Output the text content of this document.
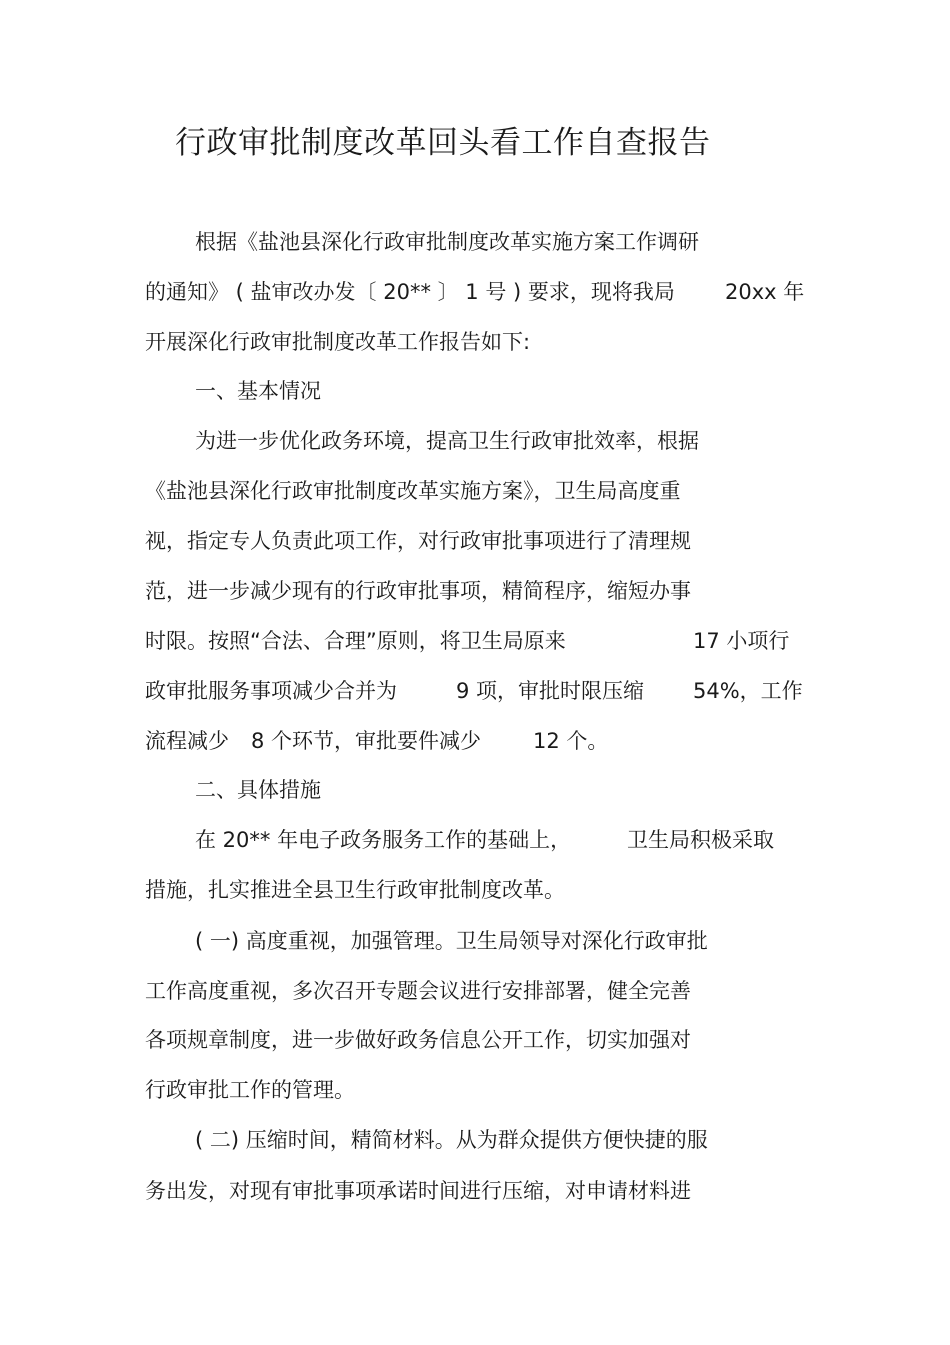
行政审批制度改革回头看工作自查报告
根据《盐池县深化行政审批制度改革实施方案工作调研
的通知》 ( 盐审改办发〔 20** 〕 1 号 ) 要求，现将我局 20xx 年
开展深化行政审批制度改革工作报告如下:
一、基本情况
为进一步优化政务环境，提高卫生行政审批效率，根据
《盐池县深化行政审批制度改革实施方案》，卫生局高度重
视，指定专人负责此项工作，对行政审批事项进行了清理规
范，进一步减少现有的行政审批事项，精简程序，缩短办事
时限。按照“合法、合理”原则，将卫生局原来	17 小项行
政审批服务事项减少合并为	9 项，审批时限压缩 54%，工作
流程减少 8 个环节，审批要件减少 12 个。
二、具体措施
在 20** 年电子政务服务工作的基础上，	卫生局积极采取
措施，扎实推进全县卫生行政审批制度改革。
( 一) 高度重视，加强管理。卫生局领导对深化行政审批
工作高度重视，多次召开专题会议进行安排部署，健全完善
各项规章制度，进一步做好政务信息公开工作，切实加强对
行政审批工作的管理。
( 二) 压缩时间，精简材料。从为群众提供方便快捷的服
务出发，对现有审批事项承诺时间进行压缩，对申请材料进
